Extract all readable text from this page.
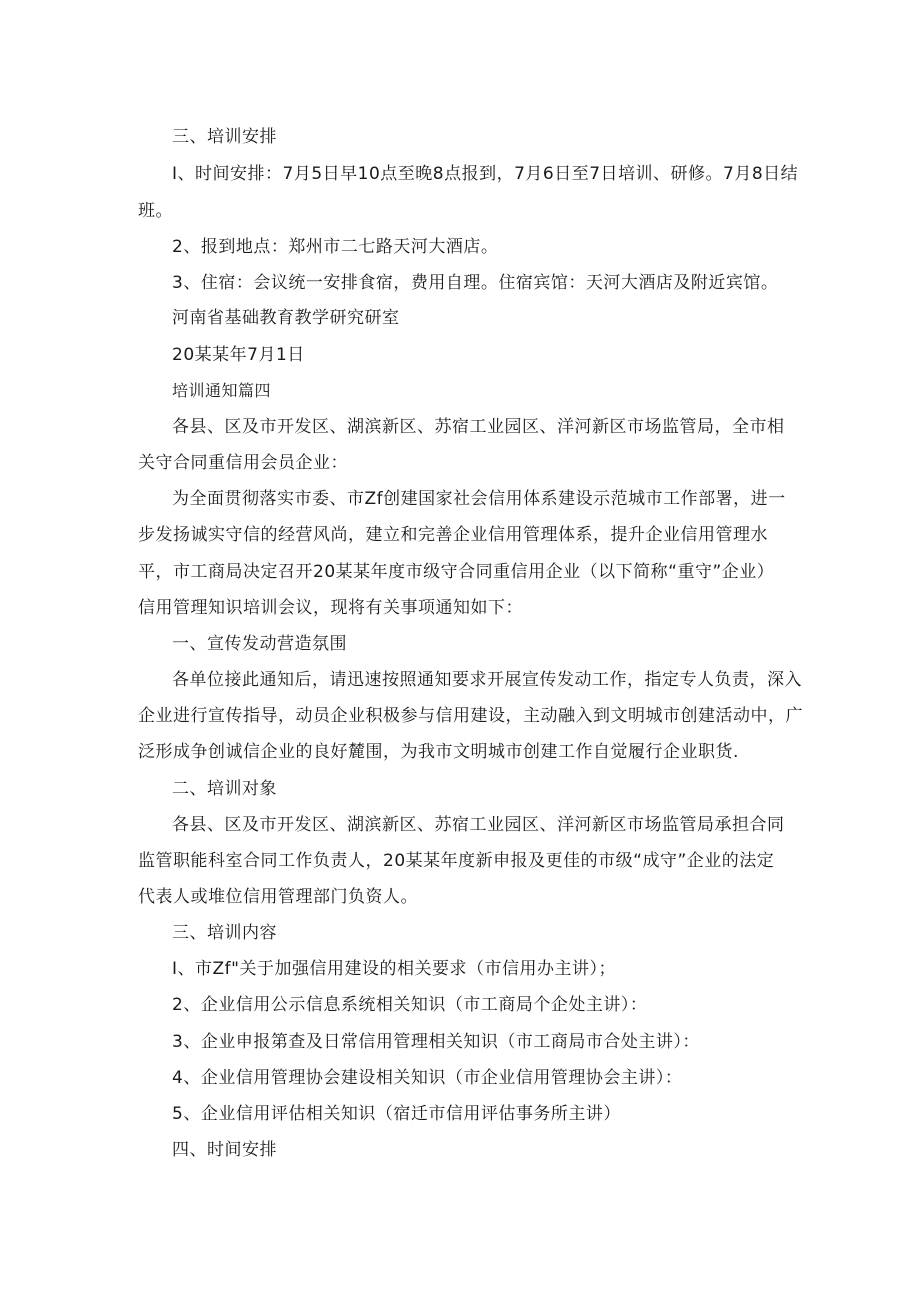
三、培训安排
I、时间安排：7月5日早10点至晚8点报到，7月6日至7日培训、研修。7月8日结
班。
2、报到地点：郑州市二七路天河大酒店。
3、住宿：会议统一安排食宿，费用自理。住宿宾馆：天河大酒店及附近宾馆。
河南省基础教育教学研究研室
20某某年7月1日
培训通知篇四
各县、区及市开发区、湖滨新区、苏宿工业园区、洋河新区市场监管局，全市相
关守合同重信用会员企业：
为全面贯彻落实市委、市Zf创建国家社会信用体系建设示范城市工作部署，进一
步发扬诚实守信的经营风尚，建立和完善企业信用管理体系，提升企业信用管理水
平，市工商局决定召开20某某年度市级守合同重信用企业（以下简称“重守”企业）
信用管理知识培训会议，现将有关事项通知如下：
一、宣传发动营造氛围
各单位接此通知后，请迅速按照通知要求开展宣传发动工作，指定专人负责，深入
企业进行宣传指导，动员企业积极参与信用建设，主动融入到文明城市创建活动中，广
泛形成争创诚信企业的良好麓围，为我市文明城市创建工作自觉履行企业职货.
二、培训对象
各县、区及市开发区、湖滨新区、苏宿工业园区、洋河新区市场监管局承担合同
监管职能科室合同工作负责人，20某某年度新申报及更佳的市级“成守”企业的法定
代表人或堆位信用管理部门负资人。
三、培训内容
I、市Zf"关于加强信用建设的相关要求（市信用办主讲）；
2、企业信用公示信息系统相关知识（市工商局个企处主讲）：
3、企业申报第查及日常信用管理相关知识（市工商局市合处主讲）：
4、企业信用管理协会建设相关知识（市企业信用管理协会主讲）：
5、企业信用评估相关知识（宿迁市信用评估事务所主讲）
四、时间安排
